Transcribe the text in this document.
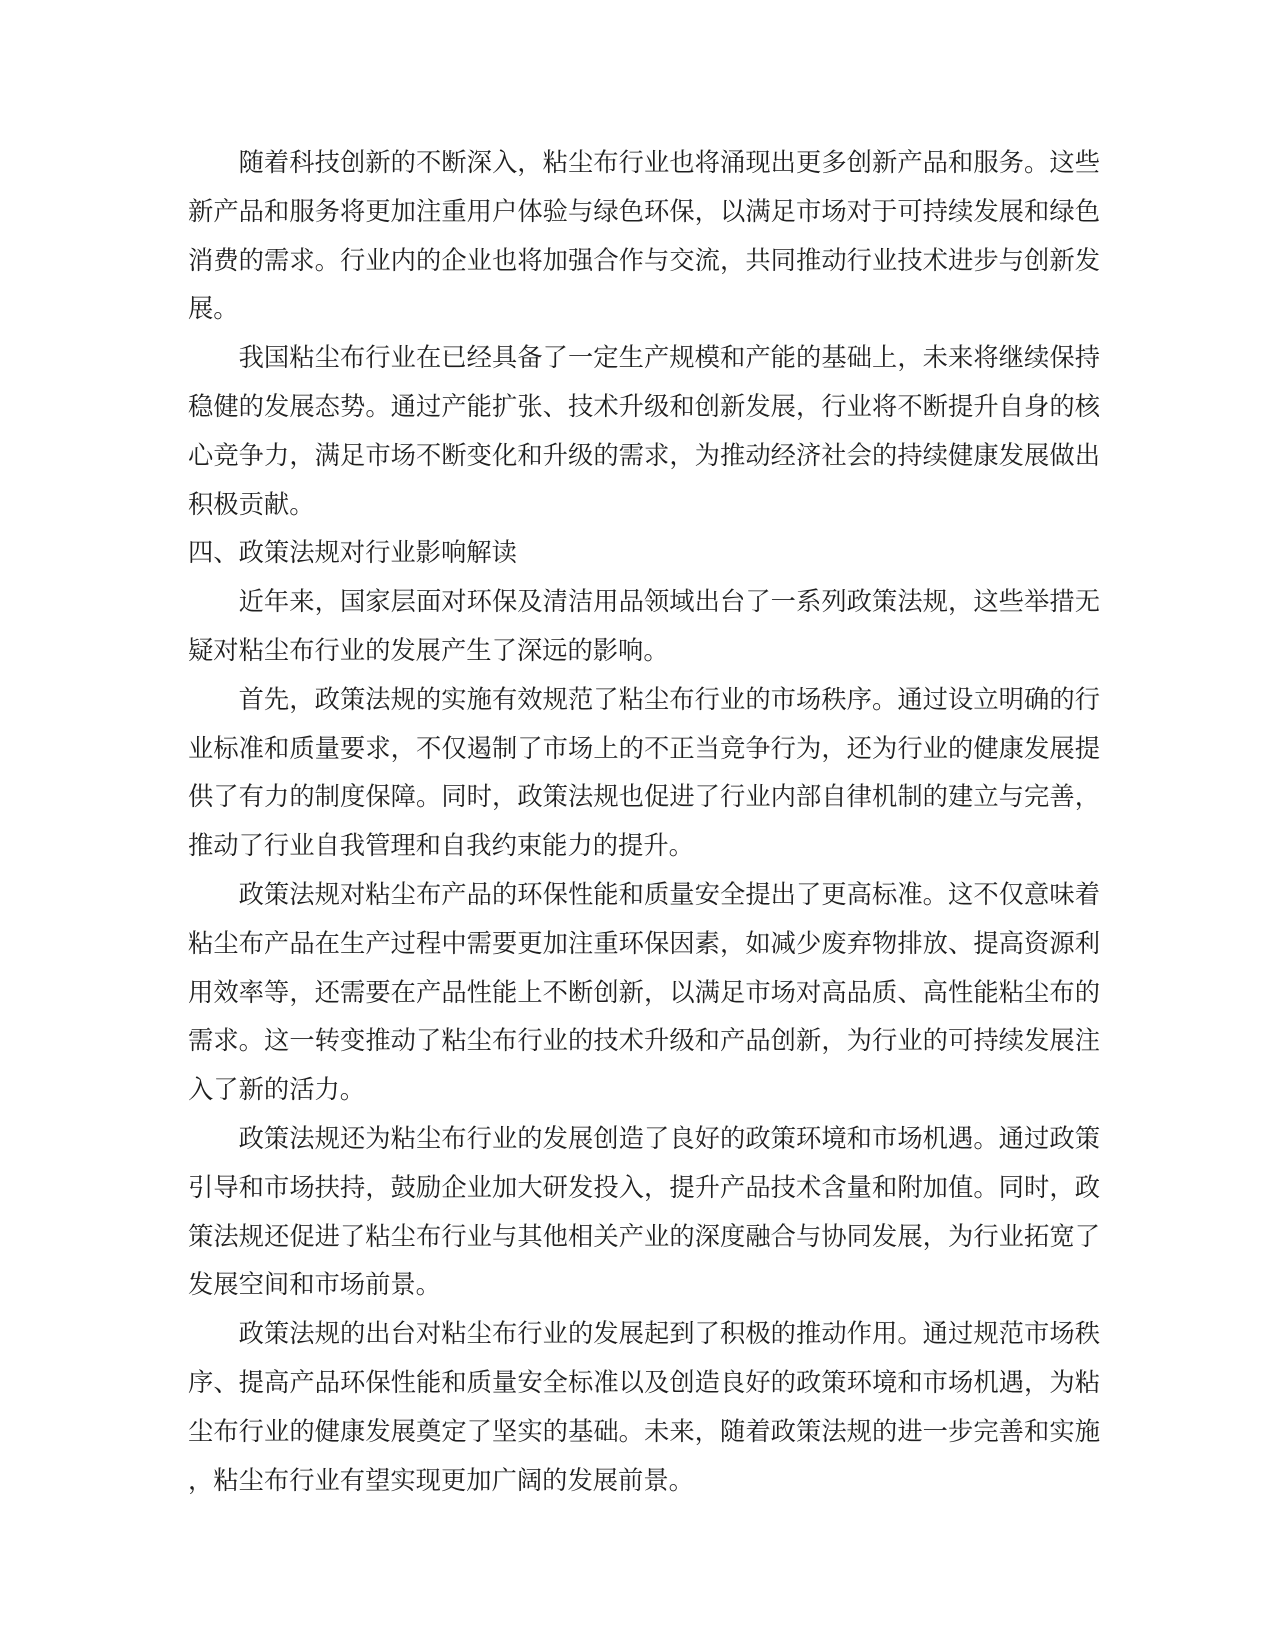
随着科技创新的不断深入，粘尘布行业也将涌现出更多创新产品和服务。这些
新产品和服务将更加注重用户体验与绿色环保，以满足市场对于可持续发展和绿色
消费的需求。行业内的企业也将加强合作与交流，共同推动行业技术进步与创新发
展。
我国粘尘布行业在已经具备了一定生产规模和产能的基础上，未来将继续保持
稳健的发展态势。通过产能扩张、技术升级和创新发展，行业将不断提升自身的核
心竞争力，满足市场不断变化和升级的需求，为推动经济社会的持续健康发展做出
积极贡献。
四、政策法规对行业影响解读
近年来，国家层面对环保及清洁用品领域出台了一系列政策法规，这些举措无
疑对粘尘布行业的发展产生了深远的影响。
首先，政策法规的实施有效规范了粘尘布行业的市场秩序。通过设立明确的行
业标准和质量要求，不仅遏制了市场上的不正当竞争行为，还为行业的健康发展提
供了有力的制度保障。同时，政策法规也促进了行业内部自律机制的建立与完善，
推动了行业自我管理和自我约束能力的提升。
政策法规对粘尘布产品的环保性能和质量安全提出了更高标准。这不仅意味着
粘尘布产品在生产过程中需要更加注重环保因素，如减少废弃物排放、提高资源利
用效率等，还需要在产品性能上不断创新，以满足市场对高品质、高性能粘尘布的
需求。这一转变推动了粘尘布行业的技术升级和产品创新，为行业的可持续发展注
入了新的活力。
政策法规还为粘尘布行业的发展创造了良好的政策环境和市场机遇。通过政策
引导和市场扶持，鼓励企业加大研发投入，提升产品技术含量和附加值。同时，政
策法规还促进了粘尘布行业与其他相关产业的深度融合与协同发展，为行业拓宽了
发展空间和市场前景。
政策法规的出台对粘尘布行业的发展起到了积极的推动作用。通过规范市场秩
序、提高产品环保性能和质量安全标准以及创造良好的政策环境和市场机遇，为粘
尘布行业的健康发展奠定了坚实的基础。未来，随着政策法规的进一步完善和实施
，粘尘布行业有望实现更加广阔的发展前景。
